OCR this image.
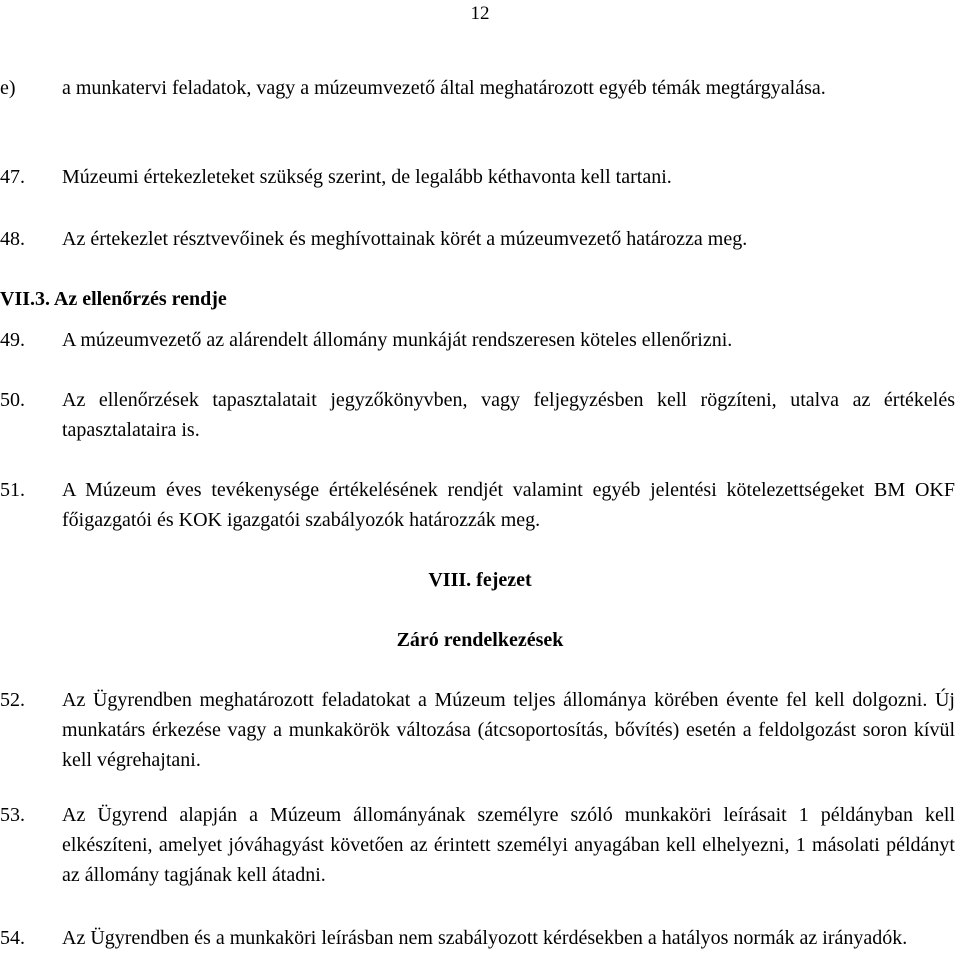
12
e) a munkatervi feladatok, vagy a múzeumvezető által meghatározott egyéb témák megtárgyalása.
47. Múzeumi értekezleteket szükség szerint, de legalább kéthavonta kell tartani.
48. Az értekezlet résztvevőinek és meghívottainak körét a múzeumvezető határozza meg.
VII.3. Az ellenőrzés rendje
49. A múzeumvezető az alárendelt állomány munkáját rendszeresen köteles ellenőrizni.
50. Az ellenőrzések tapasztalatait jegyzőkönyvben, vagy feljegyzésben kell rögzíteni, utalva az értékelés tapasztalataira is.
51. A Múzeum éves tevékenysége értékelésének rendjét valamint egyéb jelentési kötelezettségeket BM OKF főigazgatói és KOK igazgatói szabályozók határozzák meg.
VIII. fejezet
Záró rendelkezések
52. Az Ügyrendben meghatározott feladatokat a Múzeum teljes állománya körében évente fel kell dolgozni. Új munkatárs érkezése vagy a munkakörök változása (átcsoportosítás, bővítés) esetén a feldolgozást soron kívül kell végrehajtani.
53. Az Ügyrend alapján a Múzeum állományának személyre szóló munkaköri leírásait 1 példányban kell elkészíteni, amelyet jóváhagyást követően az érintett személyi anyagában kell elhelyezni, 1 másolati példányt az állomány tagjának kell átadni.
54. Az Ügyrendben és a munkaköri leírásban nem szabályozott kérdésekben a hatályos normák az irányadók.
